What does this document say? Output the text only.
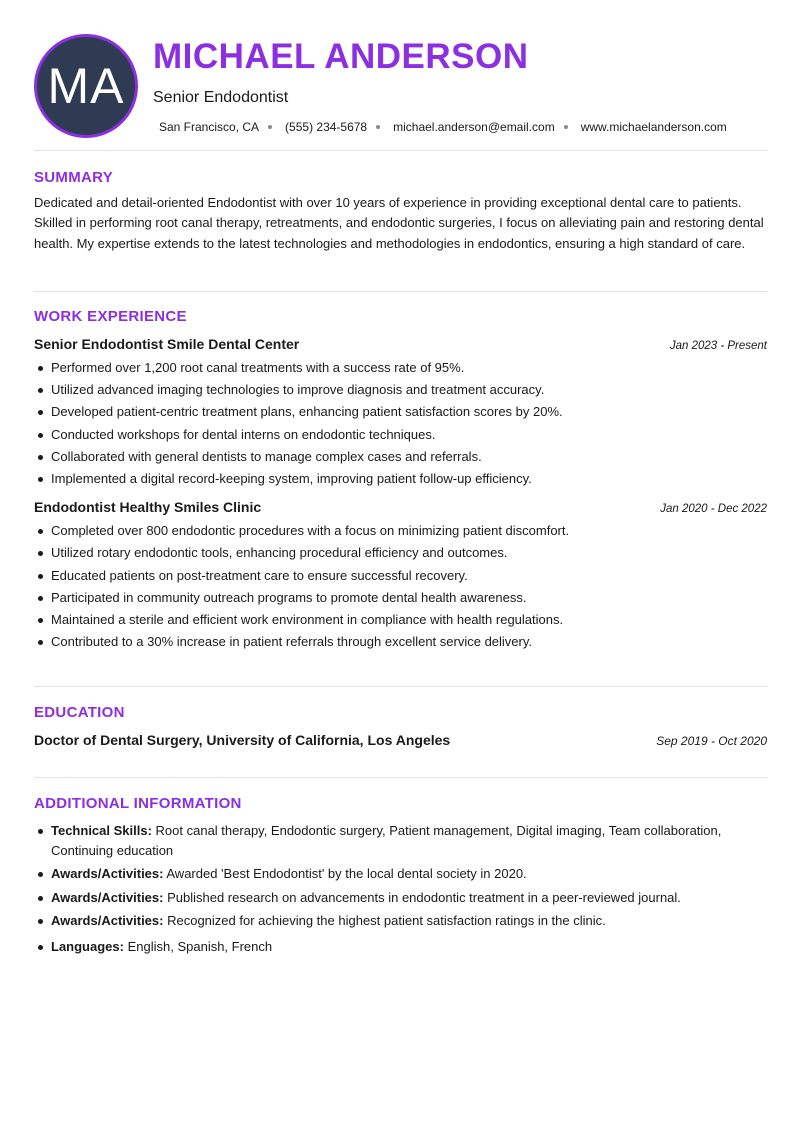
MA
MICHAEL ANDERSON
Senior Endodontist
San Francisco, CA (555) 234-5678 michael.anderson@email.com www.michaelanderson.com
SUMMARY
Dedicated and detail-oriented Endodontist with over 10 years of experience in providing exceptional dental care to patients. Skilled in performing root canal therapy, retreatments, and endodontic surgeries, I focus on alleviating pain and restoring dental health. My expertise extends to the latest technologies and methodologies in endodontics, ensuring a high standard of care.
WORK EXPERIENCE
Senior Endodontist Smile Dental Center	Jan 2023 - Present
Performed over 1,200 root canal treatments with a success rate of 95%.
Utilized advanced imaging technologies to improve diagnosis and treatment accuracy.
Developed patient-centric treatment plans, enhancing patient satisfaction scores by 20%.
Conducted workshops for dental interns on endodontic techniques.
Collaborated with general dentists to manage complex cases and referrals.
Implemented a digital record-keeping system, improving patient follow-up efficiency.
Endodontist Healthy Smiles Clinic	Jan 2020 - Dec 2022
Completed over 800 endodontic procedures with a focus on minimizing patient discomfort.
Utilized rotary endodontic tools, enhancing procedural efficiency and outcomes.
Educated patients on post-treatment care to ensure successful recovery.
Participated in community outreach programs to promote dental health awareness.
Maintained a sterile and efficient work environment in compliance with health regulations.
Contributed to a 30% increase in patient referrals through excellent service delivery.
EDUCATION
Doctor of Dental Surgery, University of California, Los Angeles	Sep 2019 - Oct 2020
ADDITIONAL INFORMATION
Technical Skills: Root canal therapy, Endodontic surgery, Patient management, Digital imaging, Team collaboration, Continuing education
Awards/Activities: Awarded 'Best Endodontist' by the local dental society in 2020.
Awards/Activities: Published research on advancements in endodontic treatment in a peer-reviewed journal.
Awards/Activities: Recognized for achieving the highest patient satisfaction ratings in the clinic.
Languages: English, Spanish, French
